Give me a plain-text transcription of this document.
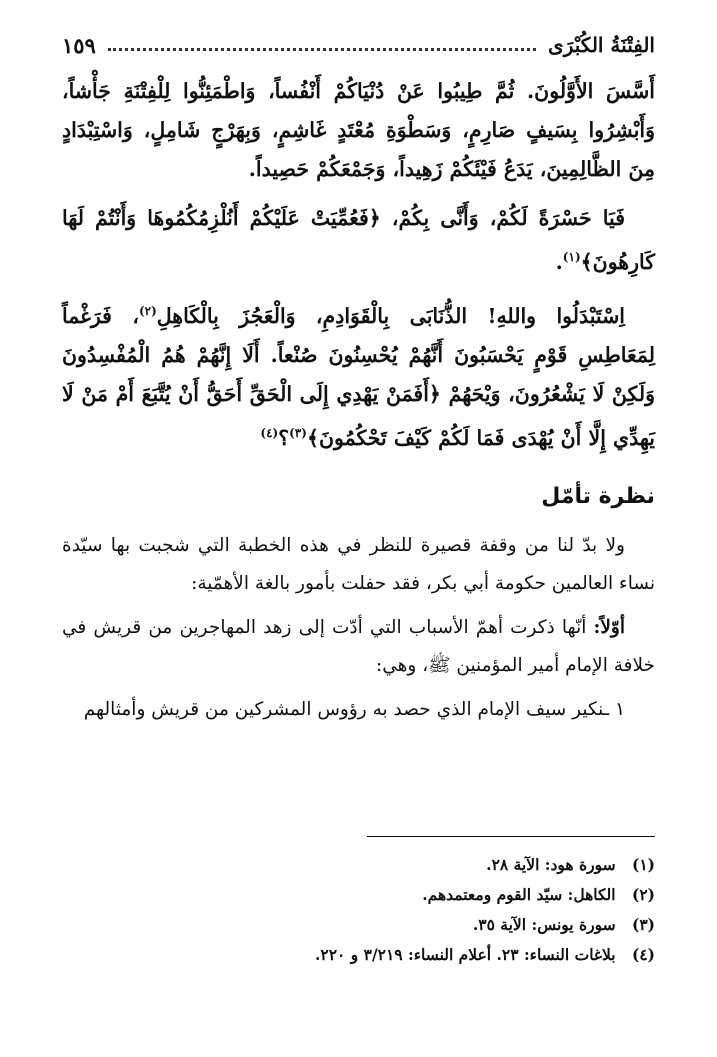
الفِتْنَةُ الكُبْرَى
١٥٩

أَسَّسَ الأَوَّلُونَ. ثُمَّ طِيبُوا عَنْ دُنْيَاكُمْ أَنْفُساً، وَاطْمَئِنُّوا لِلْفِتْنَةِ جَأْشاً، وَأَبْشِرُوا بِسَيفٍ صَارِمٍ، وَسَطْوَةِ مُعْتَدٍ غَاشِمٍ، وَبِهَرْجٍ شَامِلٍ، وَاسْتِبْدَادٍ مِنَ الظَّالِمِينَ، يَدَعُ فَيْئَكُمْ زَهِيداً، وَجَمْعَكُمْ حَصِيداً.

فَيَا حَسْرَةً لَكُمْ، وَأَنَّى بِكُمْ، ﴿فَعُمِّيَتْ عَلَيْكُمْ أَنُلْزِمُكُمُوهَا وَأَنْتُمْ لَهَا كَارِهُونَ﴾$^{(١)}$.

اِسْتَبْدَلُوا واللهِ! الذُّنَابَى بِالْقَوَادِمِ، وَالْعَجُزَ بِالْكَاهِلِ$^{(٢)}$، فَرَغْماً لِمَعَاطِسِ قَوْمٍ يَحْسَبُونَ أَنَّهُمْ يُحْسِنُونَ صُنْعاً. أَلَا إِنَّهُمْ هُمُ الْمُفْسِدُونَ وَلَكِنْ لَا يَشْعُرُونَ، وَيْحَهُمْ ﴿أَفَمَنْ يَهْدِي إِلَى الْحَقِّ أَحَقُّ أَنْ يُتَّبَعَ أَمْ مَنْ لَا يَهِدِّي إِلَّا أَنْ يُهْدَى فَمَا لَكُمْ كَيْفَ تَحْكُمُونَ﴾$^{(٣)}$؟$^{(٤)}$

نظرة تأمّل

ولا بدّ لنا من وقفة قصيرة للنظر في هذه الخطبة التي شجبت بها سيّدة نساء العالمين حكومة أبي بكر، فقد حفلت بأمور بالغة الأهمّية:

أوّلاً: أنّها ذكرت أهمّ الأسباب التي أدّت إلى زهد المهاجرين من قريش في خلافة الإمام أمير المؤمنين ﷺ، وهي:

١ ـنكير سيف الإمام الذي حصد به رؤوس المشركين من قريش وأمثالهم

(١) سورة هود: الآية ٢٨.
(٢) الكاهل: سيّد القوم ومعتمدهم.
(٣) سورة يونس: الآية ٣٥.
(٤) بلاغات النساء: ٢٣. أعلام النساء: ٣/٢١٩ و ٢٢٠.
